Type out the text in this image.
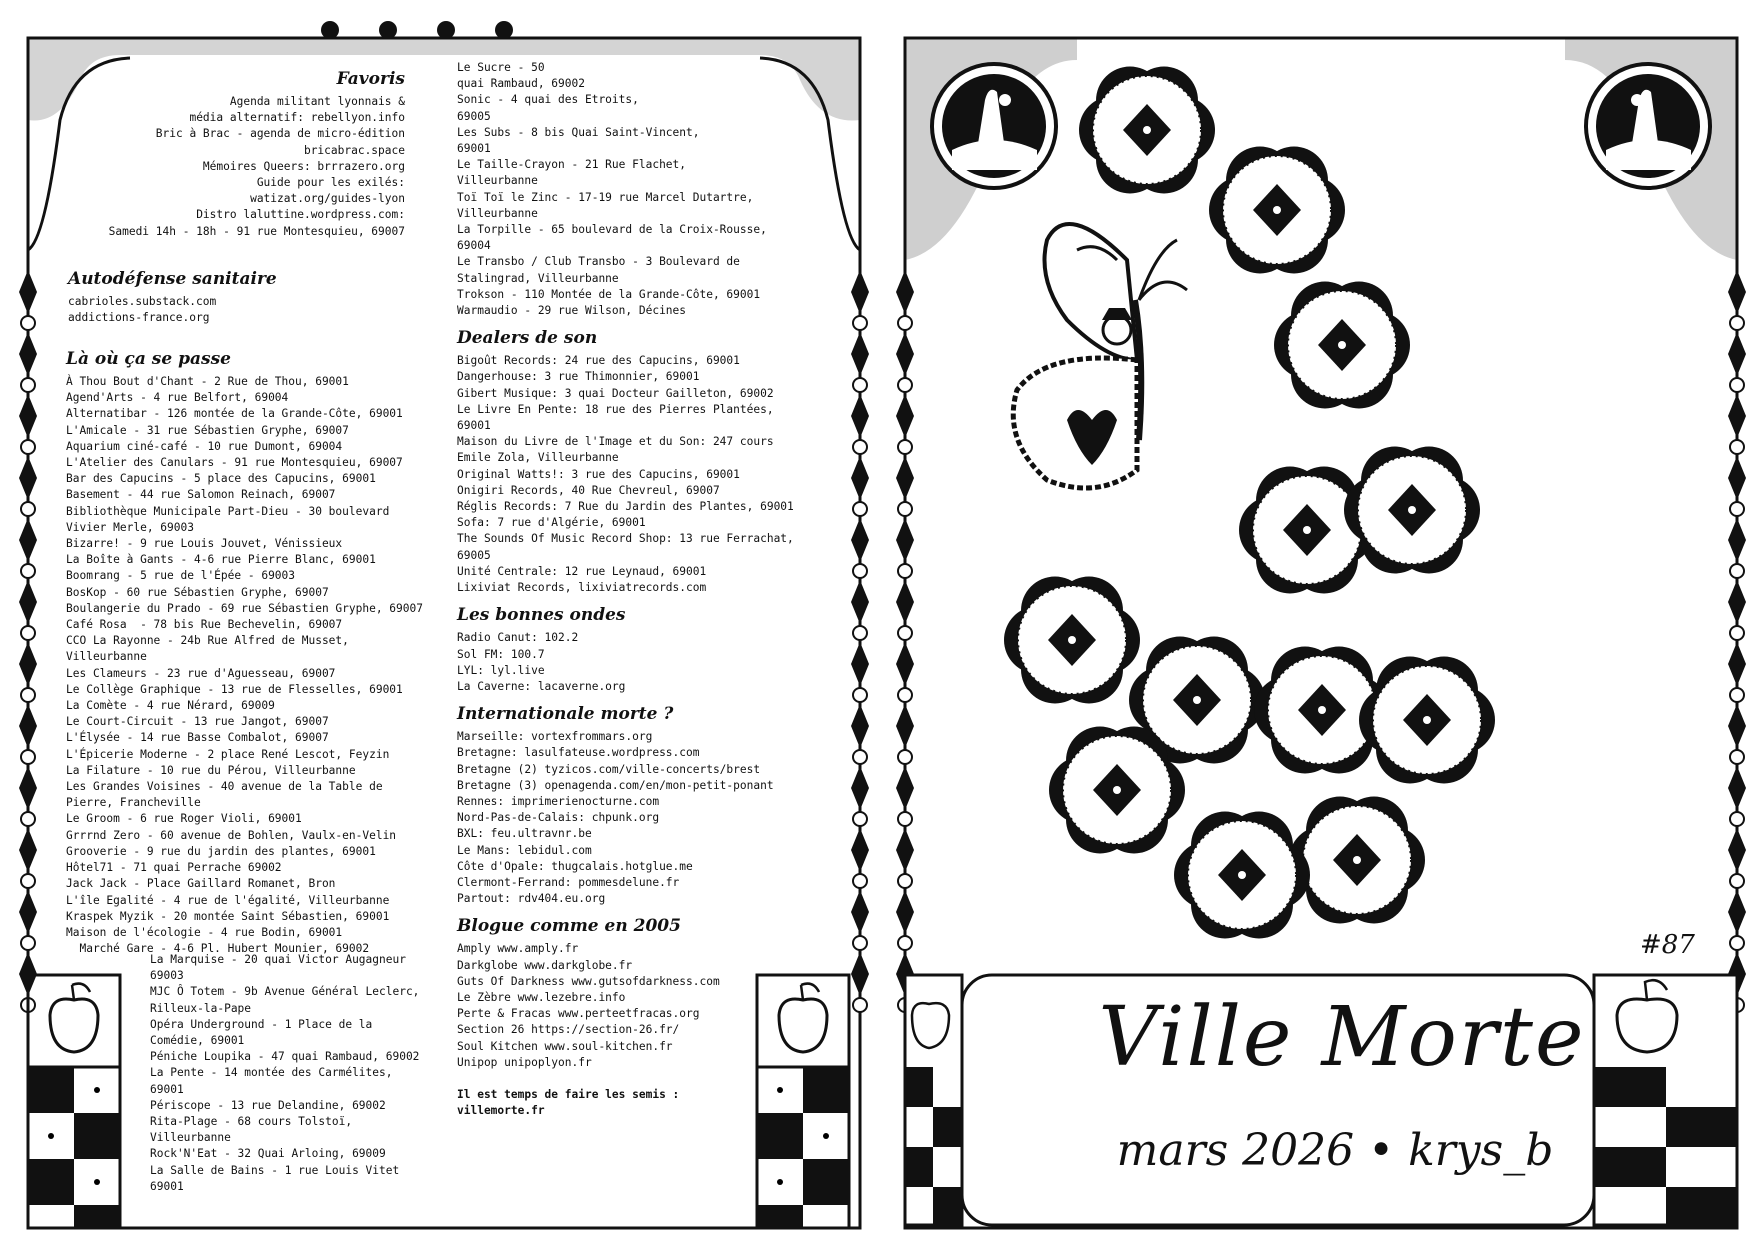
Favoris
Agenda militant lyonnais &
média alternatif: rebellyon.info
Bric à Brac - agenda de micro-édition
bricabrac.space
Mémoires Queers: brrrazero.org
Guide pour les exilés:
watizat.org/guides-lyon
Distro laluttine.wordpress.com:
Samedi 14h - 18h - 91 rue Montesquieu, 69007
Autodéfense sanitaire
cabrioles.substack.com
addictions-france.org
Là où ça se passe
À Thou Bout d'Chant - 2 Rue de Thou, 69001
Agend'Arts - 4 rue Belfort, 69004
Alternatibar - 126 montée de la Grande-Côte, 69001
L'Amicale - 31 rue Sébastien Gryphe, 69007
Aquarium ciné-café - 10 rue Dumont, 69004
L'Atelier des Canulars - 91 rue Montesquieu, 69007
Bar des Capucins - 5 place des Capucins, 69001
Basement - 44 rue Salomon Reinach, 69007
Bibliothèque Municipale Part-Dieu - 30 boulevard
Vivier Merle, 69003
Bizarre! - 9 rue Louis Jouvet, Vénissieux
La Boîte à Gants - 4-6 rue Pierre Blanc, 69001
Boomrang - 5 rue de l'Épée - 69003
BosKop - 60 rue Sébastien Gryphe, 69007
Boulangerie du Prado - 69 rue Sébastien Gryphe, 69007
Café Rosa  - 78 bis Rue Bechevelin, 69007
CCO La Rayonne - 24b Rue Alfred de Musset,
Villeurbanne
Les Clameurs - 23 rue d'Aguesseau, 69007
Le Collège Graphique - 13 rue de Flesselles, 69001
La Comète - 4 rue Nérard, 69009
Le Court-Circuit - 13 rue Jangot, 69007
L'Élysée - 14 rue Basse Combalot, 69007
L'Épicerie Moderne - 2 place René Lescot, Feyzin
La Filature - 10 rue du Pérou, Villeurbanne
Les Grandes Voisines - 40 avenue de la Table de
Pierre, Francheville
Le Groom - 6 rue Roger Violi, 69001
Grrrnd Zero - 60 avenue de Bohlen, Vaulx-en-Velin
Grooverie - 9 rue du jardin des plantes, 69001
Hôtel71 - 71 quai Perrache 69002
Jack Jack - Place Gaillard Romanet, Bron
L'île Egalité - 4 rue de l'égalité, Villeurbanne
Kraspek Myzik - 20 montée Saint Sébastien, 69001
Maison de l'écologie - 4 rue Bodin, 69001
Marché Gare - 4-6 Pl. Hubert Mounier, 69002
La Marquise - 20 quai Victor Augagneur
69003
MJC Ô Totem - 9b Avenue Général Leclerc,
Rilleux-la-Pape
Opéra Underground - 1 Place de la
Comédie, 69001
Péniche Loupika - 47 quai Rambaud, 69002
La Pente - 14 montée des Carmélites,
69001
Périscope - 13 rue Delandine, 69002
Rita-Plage - 68 cours Tolstoï,
Villeurbanne
Rock'N'Eat - 32 Quai Arloing, 69009
La Salle de Bains - 1 rue Louis Vitet
69001
Le Sucre - 50
quai Rambaud, 69002
Sonic - 4 quai des Etroits,
69005
Les Subs - 8 bis Quai Saint-Vincent,
69001
Le Taille-Crayon - 21 Rue Flachet,
Villeurbanne
Toï Toï le Zinc - 17-19 rue Marcel Dutartre,
Villeurbanne
La Torpille - 65 boulevard de la Croix-Rousse,
69004
Le Transbo / Club Transbo - 3 Boulevard de
Stalingrad, Villeurbanne
Trokson - 110 Montée de la Grande-Côte, 69001
Warmaudio - 29 rue Wilson, Décines
Dealers de son
Bigoût Records: 24 rue des Capucins, 69001
Dangerhouse: 3 rue Thimonnier, 69001
Gibert Musique: 3 quai Docteur Gailleton, 69002
Le Livre En Pente: 18 rue des Pierres Plantées,
69001
Maison du Livre de l'Image et du Son: 247 cours
Emile Zola, Villeurbanne
Original Watts!: 3 rue des Capucins, 69001
Onigiri Records, 40 Rue Chevreul, 69007
Réglis Records: 7 Rue du Jardin des Plantes, 69001
Sofa: 7 rue d'Algérie, 69001
The Sounds Of Music Record Shop: 13 rue Ferrachat,
69005
Unité Centrale: 12 rue Leynaud, 69001
Lixiviat Records, lixiviatrecords.com
Les bonnes ondes
Radio Canut: 102.2
Sol FM: 100.7
LYL: lyl.live
La Caverne: lacaverne.org
Internationale morte ?
Marseille: vortexfrommars.org
Bretagne: lasulfateuse.wordpress.com
Bretagne (2) tyzicos.com/ville-concerts/brest
Bretagne (3) openagenda.com/en/mon-petit-ponant
Rennes: imprimerienocturne.com
Nord-Pas-de-Calais: chpunk.org
BXL: feu.ultravnr.be
Le Mans: lebidul.com
Côte d'Opale: thugcalais.hotglue.me
Clermont-Ferrand: pommesdelune.fr
Partout: rdv404.eu.org
Blogue comme en 2005
Amply www.amply.fr
Darkglobe www.darkglobe.fr
Guts Of Darkness www.gutsofdarkness.com
Le Zèbre www.lezebre.info
Perte & Fracas www.perteetfracas.org
Section 26 https://section-26.fr/
Soul Kitchen www.soul-kitchen.fr
Unipop unipoplyon.fr
Il est temps de faire les semis :
villemorte.fr
Ville Morte
mars 2026 • krys_b
#87
